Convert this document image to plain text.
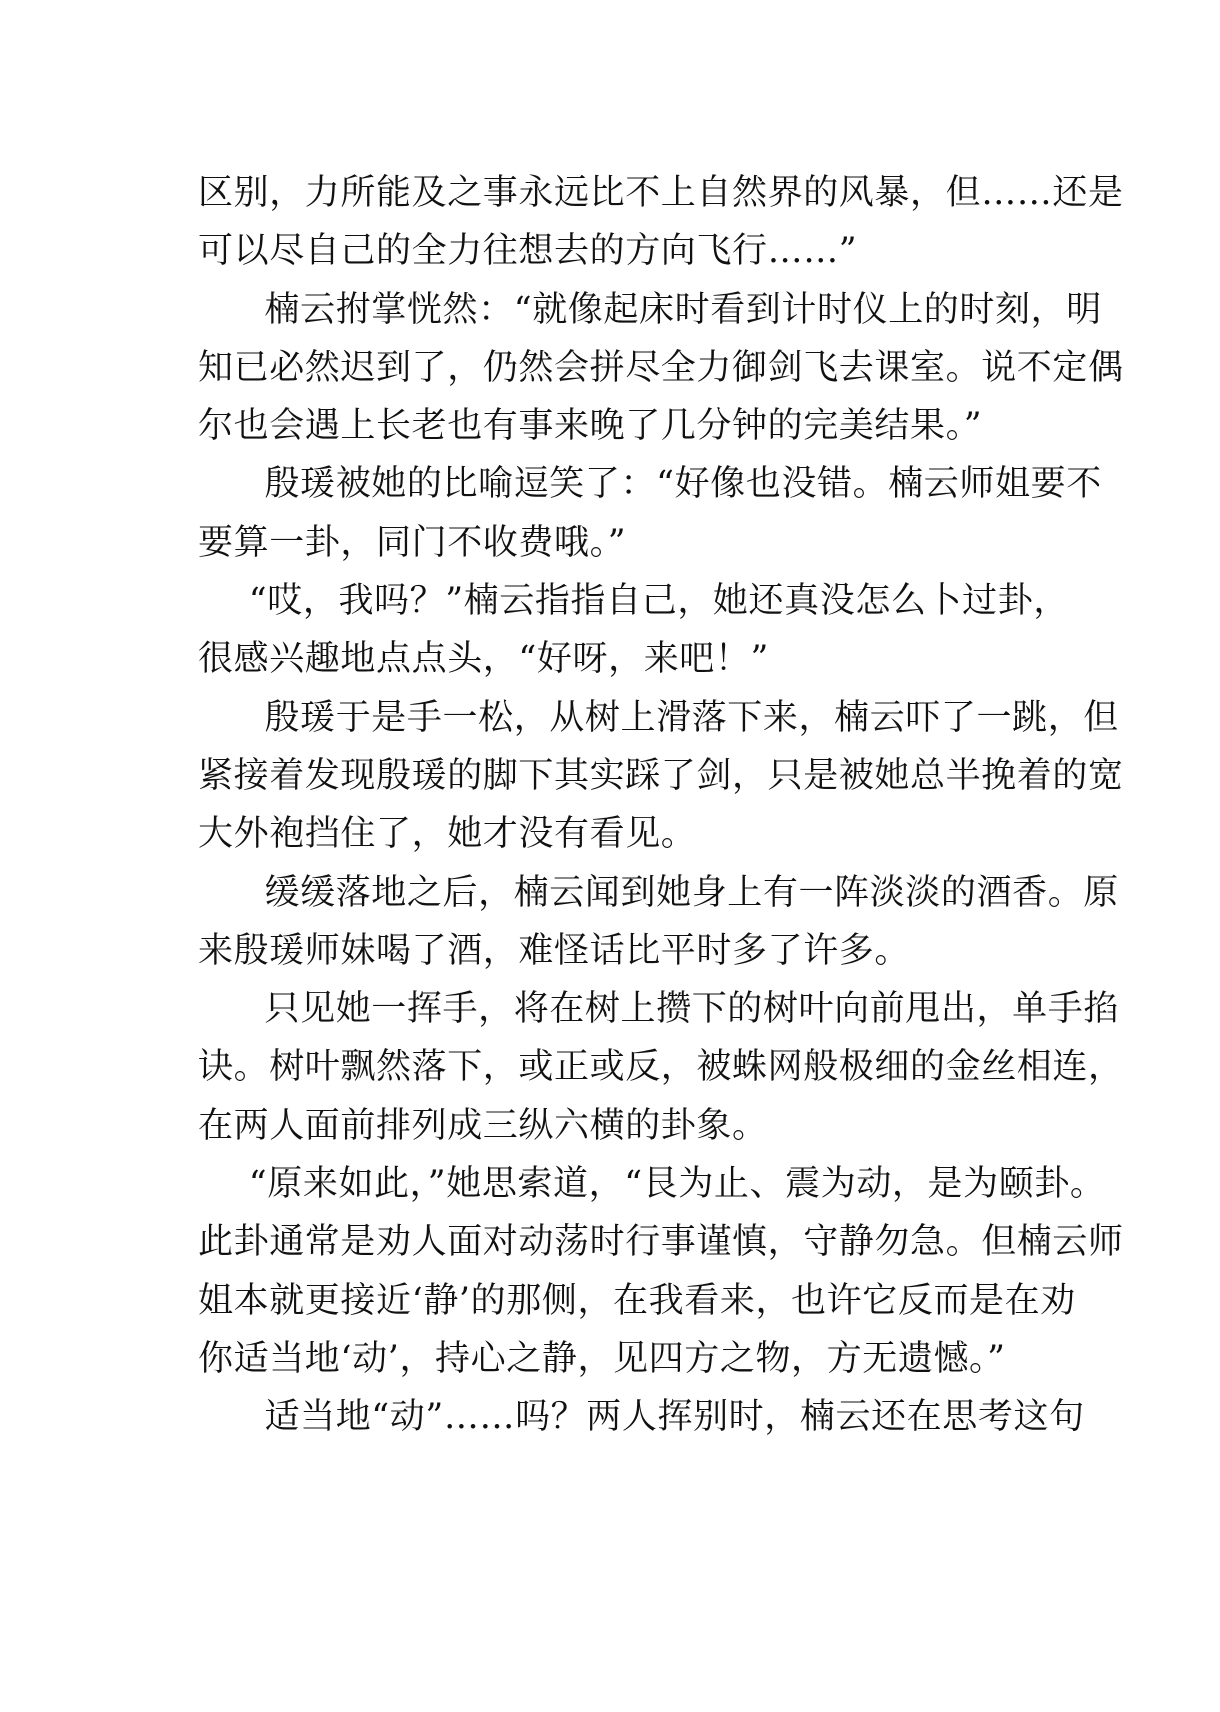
区别，力所能及之事永远比不上自然界的风暴，但……还是
可以尽自己的全力往想去的方向飞行……”

楠云拊掌恍然：“就像起床时看到计时仪上的时刻，明
知已必然迟到了，仍然会拼尽全力御剑飞去课室。说不定偶
尔也会遇上长老也有事来晚了几分钟的完美结果。”

殷瑗被她的比喻逗笑了：“好像也没错。楠云师姐要不
要算一卦，同门不收费哦。”

“哎，我吗？”楠云指指自己，她还真没怎么卜过卦，
很感兴趣地点点头，“好呀，来吧！”

殷瑗于是手一松，从树上滑落下来，楠云吓了一跳，但
紧接着发现殷瑗的脚下其实踩了剑，只是被她总半挽着的宽
大外袍挡住了，她才没有看见。

缓缓落地之后，楠云闻到她身上有一阵淡淡的酒香。原
来殷瑗师妹喝了酒，难怪话比平时多了许多。

只见她一挥手，将在树上攒下的树叶向前甩出，单手掐
诀。树叶飘然落下，或正或反，被蛛网般极细的金丝相连，
在两人面前排列成三纵六横的卦象。

“原来如此，”她思索道，“艮为止、震为动，是为颐卦。
此卦通常是劝人面对动荡时行事谨慎，守静勿急。但楠云师
姐本就更接近‘静’的那侧，在我看来，也许它反而是在劝
你适当地‘动’，持心之静，见四方之物，方无遗憾。”

适当地“动”……吗？两人挥别时，楠云还在思考这句
